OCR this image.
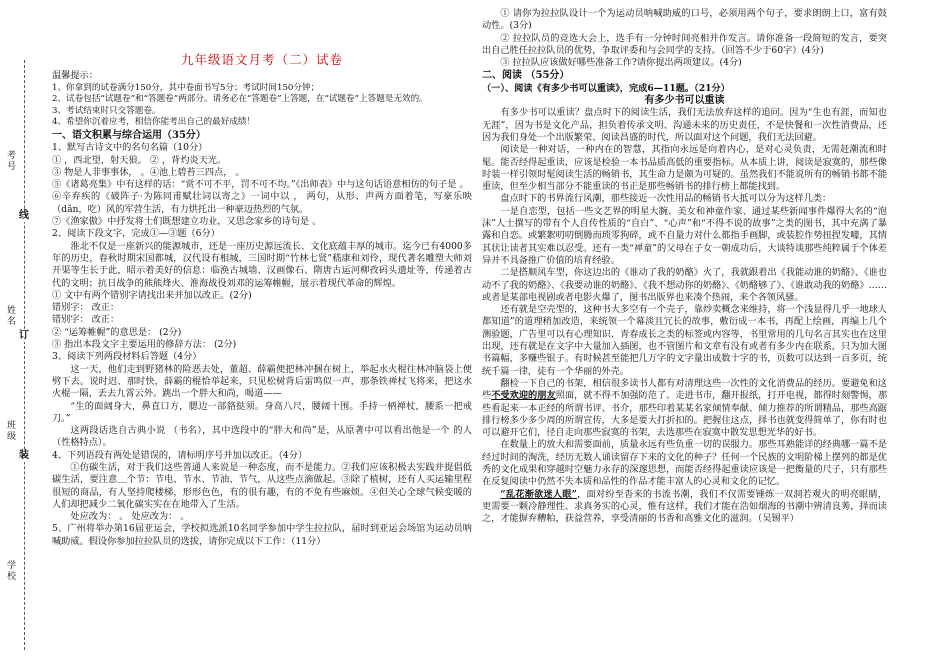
学校
班级
姓名
考号
装
订
线
九年级语文月考（二）试卷

温馨提示：

1、你拿到的试卷满分150分，其中卷面书写5分；考试时间150分钟；

2、试卷包括“试题卷”和“答题卷”两部分。请务必在“答题卷”上答题，在“试题卷”上答题是无效的。

3、考试结束时只交答题卷。

4、希望你沉着应考，相信你能考出自己的最好成绩！

一、语文积累与综合运用（35分）

1、默写古诗文中的名句名篇（10分）

① ，西北望，射天狼。 ② ，背灼炎天光。

③ 物是人非事事休， 。④池上碧苔三四点， 。

⑤《诸葛亮集》中有这样的话：“赏不可不平，罚不可不均。”《出师表》中与这句话语意相仿的句子是 。

⑥辛弃疾的《破阵子·为陈同甫赋壮词以寄之》一词中以 ， 两句，从形、声两方面着笔，写豪乐映（dǎn，吃）风的军营生活，有力烘托出一种豪迈热烈的气氛。

⑦《渔家傲》中抒发将士们既想建立功业，又思念家乡的诗句是 。

2、阅读下段文字，完成①—③题（6分）

淮北不仅是一座新兴的能源城市，还是一座历史源远流长、文化底蕴丰厚的城市。迄今已有4000多年的历史，春秋时期宋国都城，汉代设有相城，三国时期“竹林七贤”嵇康和刘伶，现代著名雕塑大师刘开渠等生长于此，昭示着美好的信息：临涣古城墙、汉画像石、隋唐古运河柳孜码头遗址等，传递着古代的文明；抗日战争的熊熊烽火、淮海战役刘邓的运筹帷幄，展示着现代革命的辉煌。

① 文中有两个错别字请找出来并加以改正。(2分)

错别字： 改正：

错别字： 改正：

② “运筹帷幄”的意思是： (2分)

③ 指出本段文字主要运用的修辞方法： (2分)

3、阅读下列两段材料后答题（4分）

这一天，他们走到野猪林的险恶去处，董超、薛霸便把林冲捆在树上，举起水火棍往林冲脑袋上便劈下去。说时迟、那时快，薛霸的棍恰举起来，只见松树背后雷鸣似一声，那条铁禅杖飞将来，把这水火棍一隔，丢去九霄云外。跳出一个胖大和尚，喝道——

“生的面阔身大，鼻直口方，腮边一部貉挞须。身高八尺，腰阔十围。手持一柄禅杖，腰系一把戒刀。”

这两段话选自古典小说 （书名），其中选段中的“胖大和尚”是，从原著中可以看出他是一个 的人（性格特点）。

4、下列语段有两处是错误的，请标明序号并加以改正。（4分）

①仿碳生活，对于我们这些普通人来说是一种态度，而不是能力。②我们应该积极去实践并提倡低碳生活，要注意＿个节：节电、节水、节油、节气，从这些点滴做起。③除了植树，还有人买运输里程很短的商品，有人坚持爬楼梯，形形色色，有的很有趣，有的不免有些麻烦。④但关心全球气候变暖的人们却把减少二氧化碳实实在在地带入了生活。

处应改为： 。 处应改为： 。

5、广州将举办第16届亚运会，学校拟选派10名同学参加中学生拉拉队，届时到亚运会场馆为运动员呐喊助威。假设你参加拉拉队员的选拔，请你完成以下工作：（11分）

① 请你为拉拉队设计一个为运动员呐喊助威的口号，必须用两个句子，要求朗朗上口，富有鼓动性。(3分)

② 拉拉队员的竞选大会上，选手有一分钟时间亮相并作发言。请你准备一段简短的发言，要突出自己胜任拉拉队员的优势，争取评委和与会同学的支持。（回答不少于60字）(4分)

③ 拉拉队应该做好哪些准备工作?请你提出两项建议。(4分)

二、阅读 （55分）

（一）、阅读《有多少书可以重读》，完成6—11题。（21分）

有多少书可以重读

有多少书可以重读？盘点时下的阅读生活，我们无法放弃这样的追问。因为“生也有涯，而知也无涯”，因为书是文化产品，担负着传承文明、沟通未来的历史责任，不是快餐和一次性消费品，还因为我们身处一个出版繁荣、阅读昌盛的时代，所以面对这个问题，我们无法回避。

阅读是一种对话，一种内在的智慧，其指向永远是向着内心，是对心灵负责，无需赶潮流和时髦。能否经得起重读，应该是检验一本书品质高低的重要指标。从本质上讲，阅读是寂寞的，那些像时装一样引领时髦阅读生活的畅销书，其生命力是颇为可疑的。虽然我们不能说所有的畅销书都不能重读，但至少相当部分不能重读的书正是那些畅销书的排行榜上都能找到。

盘点时下的书界流行风潮，那些接近一次性用品的畅销书大抵可以分为这样几类：

一是自恋型，包括一些文艺界的明星大腕、美女和神童作家、通过某些新闻事件爆得大名的“泡沫”人士撰写的带有个人自传性质的“自白”、“心声”和“不得不说的故事”之类的图书，其中充满了暴露和自恋。或繁絮叨叨倒腾而琐零狗碎，或不自量力对什么都指手画脚，或装腔作势扭捏发噱，其情其状让读者其实难以忍受。还有一类“禅童”的父母在子女一朝成功后，大谈特谈那些纯粹属于个体差异并不具备推广价值的培育经验。

二是搭顺风车型，你这边出的《谁动了我的奶酪》火了，我就跟着出《我能动谁的奶酪》、《谁也动不了我的奶酪》、《我要动谁的奶酪》、《我不想动你的奶酪》、《奶酪够了》、《谁敢动我的奶酪》……或者是某部电视剧或者电影火爆了，图书出版界也来凑个热闹，来个各领风骚。

还有就是空壳型的，这种书大多空有一个壳子，靠炒卖概念来维持，将一个浅显得几乎一地球人都知道”的道理稍加改造，来统领一个幕淡且冗长的故事，敷衍成一本书，再配上绘画，再编上几个测验题，广告里可以有心理知识、青春成长之类的标签或内容等，书里常用的几句名言其实也在这里出现，还有就是在文字中大量加入插图，也不管图片和文章有没有或者有多少内在联系，只为加大图书篇幅，多赚些银子。有时候甚至能把几万字的文字量出成数十字的书，页数可以达到一百多页，统统千篇一律，徒有一个华丽的外壳。

翻检一下自己的书架，相信很多读书人都有对清理这些一次性的文化消费品的经历。要避免和这些不受欢迎的朋友照面，就不得不加强防范了。走进书市，翻开报纸，打开电视，都得时刻警惕，那些看起来一本正经的所谓书评、书介，那些印着某某名家倾情奉献、倾力推荐的所谓精品，那些高踞排行榜多少多少周的所谓宣传，大多是要大打折扣的。把握住这点，择书也就变得简单了，你有时也可以避开它们，径自走向那些寂寞的书架，去选那些在寂寞中散发思想光华的好书。

在数量上的放大和需要面前，质量永远有些负重一切的误服力。那些耳熟能详的经典哪一篇不是经过时间的淘洗，经历无数人诵读留存下来的文化的种子？任何一个民族的文明阶梯上摆列的都是优秀的文化成果和穿越时空魅力永存的深邃思想，而能否经得起重读应该是一把衡量的尺子，只有那些在反复阅读中仍然不失本质和品性的作品才能丰富人的心灵和文化的记忆。

“乱花渐欲迷人眼”，面对纷至沓来的书流书潮，我们不仅需要锤炼一双洞若观火的明亮眼睛，更需要一颗冷静理性、求真务实的心灵，惟有这样，我们才能在浩如烟海的书潮中辨清良莠，择而读之，才能摒弃糟粕，获益营养，享受清丽的书香和高雅文化的滋润。（吴锡平）
